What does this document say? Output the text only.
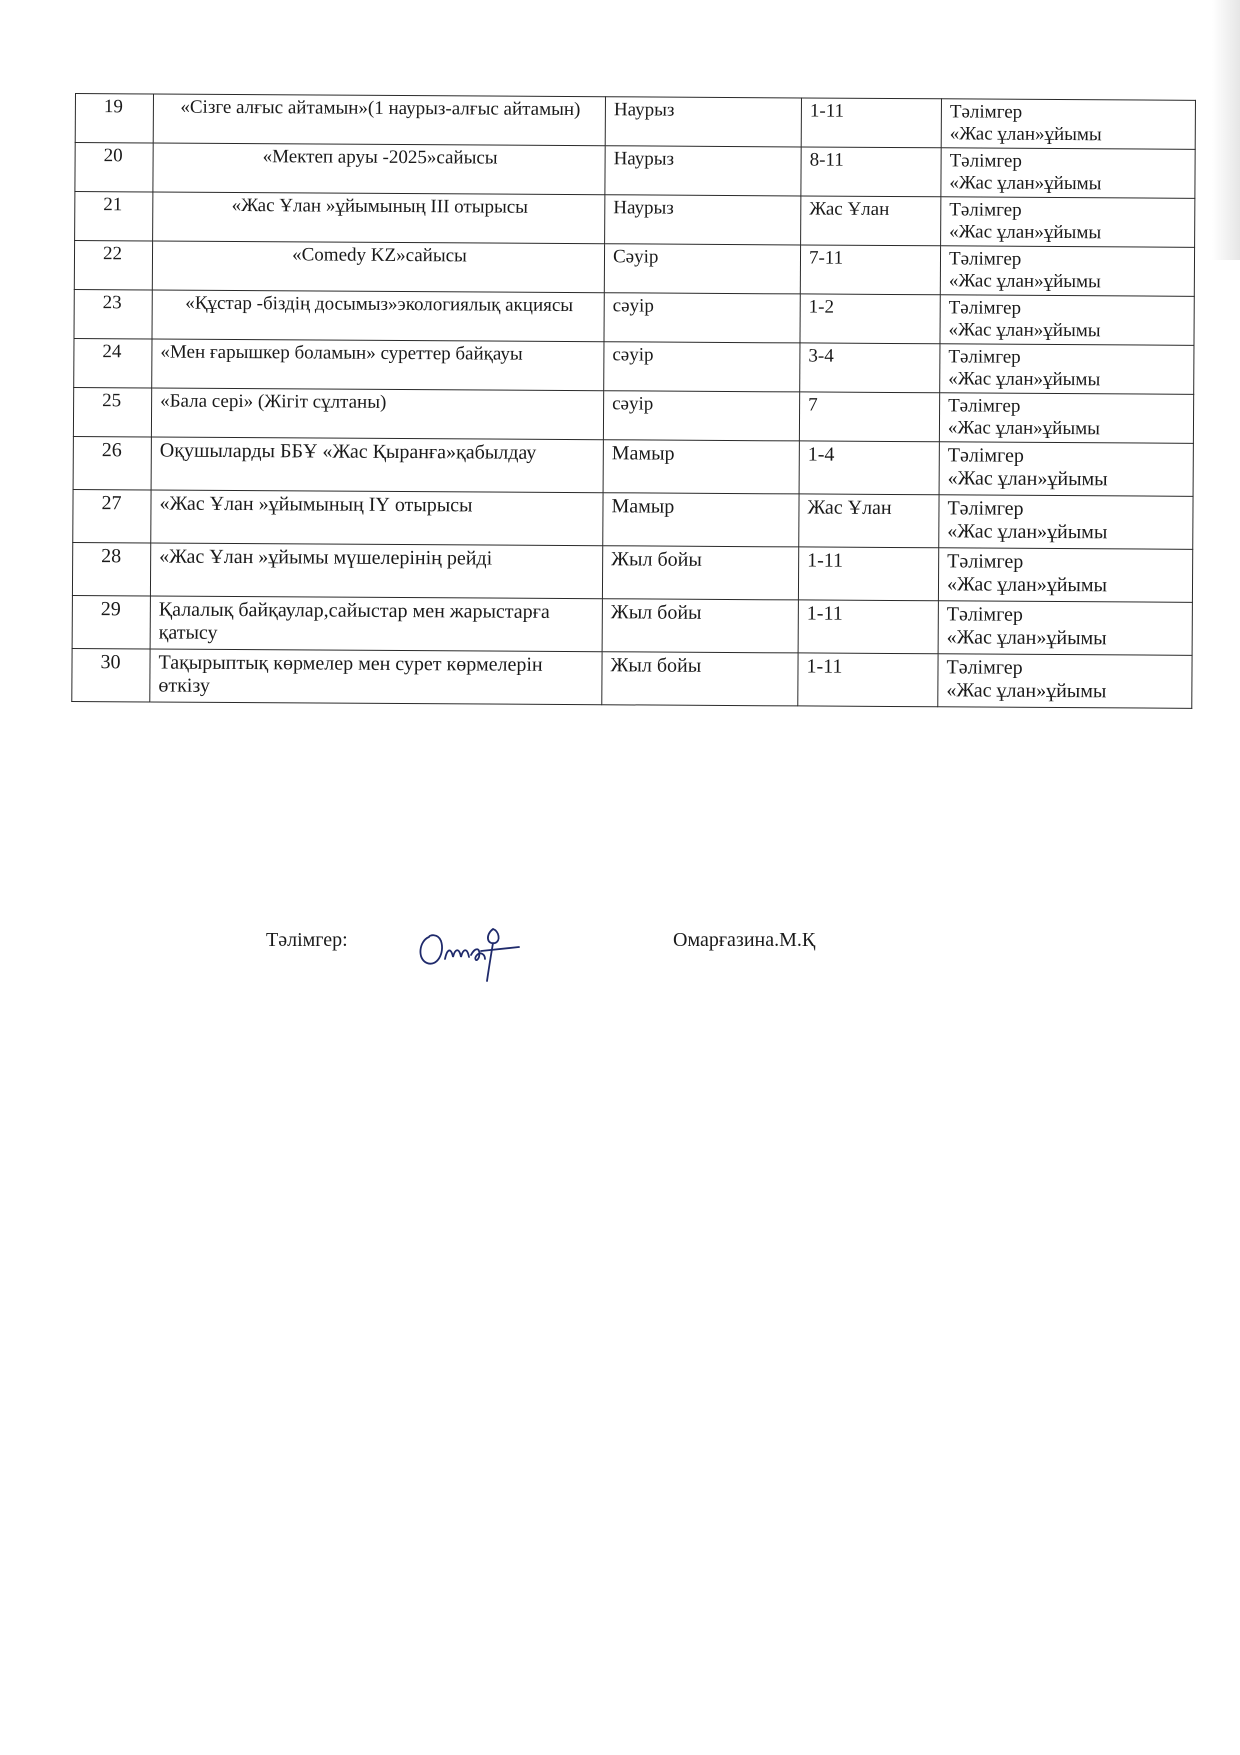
19	«Сізге алғыс айтамын»(1 наурыз-алғыс айтамын)	Наурыз	1-11	Тәлімгер
«Жас ұлан»ұйымы

20	«Мектеп аруы -2025»сайысы	Наурыз	8-11	Тәлімгер
«Жас ұлан»ұйымы

21	«Жас Ұлан »ұйымының ІІІ отырысы	Наурыз	Жас Ұлан	Тәлімгер
«Жас ұлан»ұйымы

22	«Comedy KZ»сайысы	Сәуір	7-11	Тәлімгер
«Жас ұлан»ұйымы

23	«Құстар -біздің досымыз»экологиялық акциясы	сәуір	1-2	Тәлімгер
«Жас ұлан»ұйымы

24	«Мен ғарышкер боламын» суреттер байқауы	сәуір	3-4	Тәлімгер
«Жас ұлан»ұйымы

25	«Бала сері» (Жігіт сұлтаны)	сәуір	7	Тәлімгер
«Жас ұлан»ұйымы

26	Оқушыларды ББҰ «Жас Қыранға»қабылдау	Мамыр	1-4	Тәлімгер
«Жас ұлан»ұйымы

27	«Жас Ұлан »ұйымының ІҮ отырысы	Мамыр	Жас Ұлан	Тәлімгер
«Жас ұлан»ұйымы

28	«Жас Ұлан »ұйымы мүшелерінің рейді	Жыл бойы	1-11	Тәлімгер
«Жас ұлан»ұйымы

29	Қалалық байқаулар,сайыстар мен жарыстарға қатысу	Жыл бойы	1-11	Тәлімгер
«Жас ұлан»ұйымы

30	Тақырыптық көрмелер мен сурет көрмелерін өткізу	Жыл бойы	1-11	Тәлімгер
«Жас ұлан»ұйымы
Тәлімгер:	Омарғазина.М.Қ
